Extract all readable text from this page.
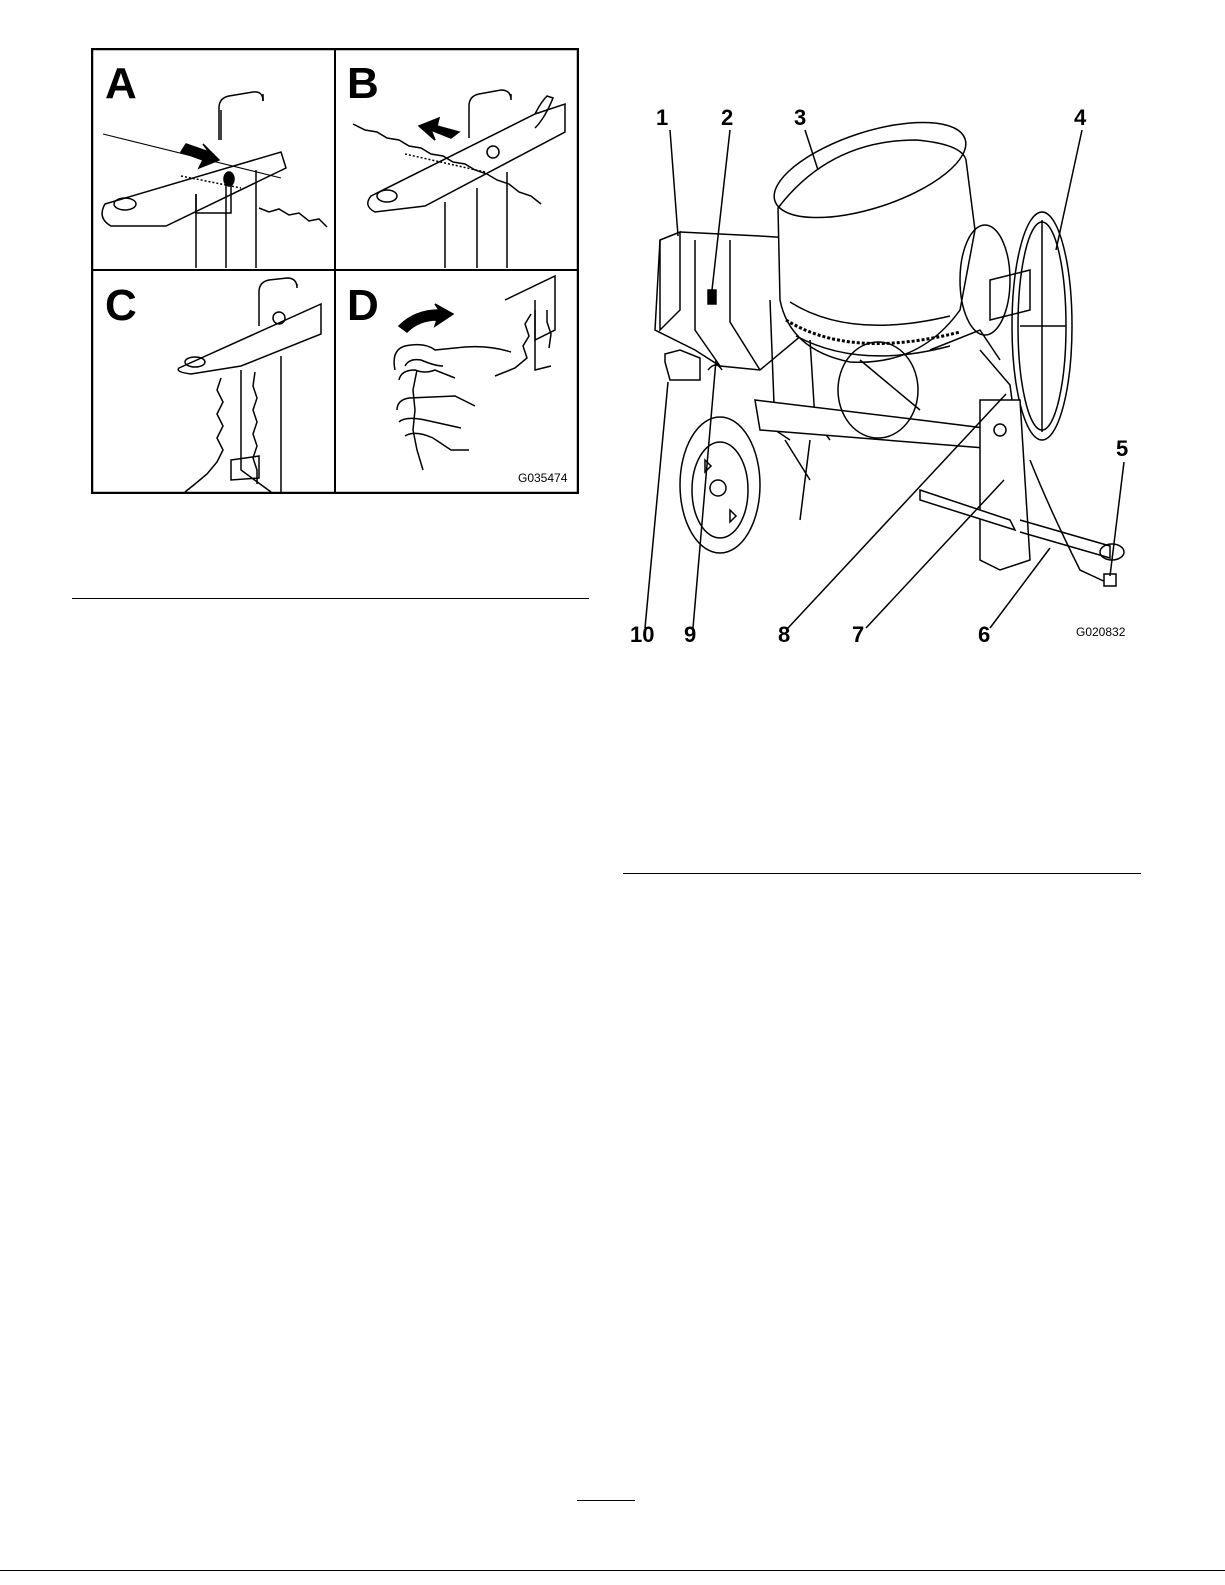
A	B
C	D
G035474
1 2	3	4
5
6
7
8
9
10	G020832
